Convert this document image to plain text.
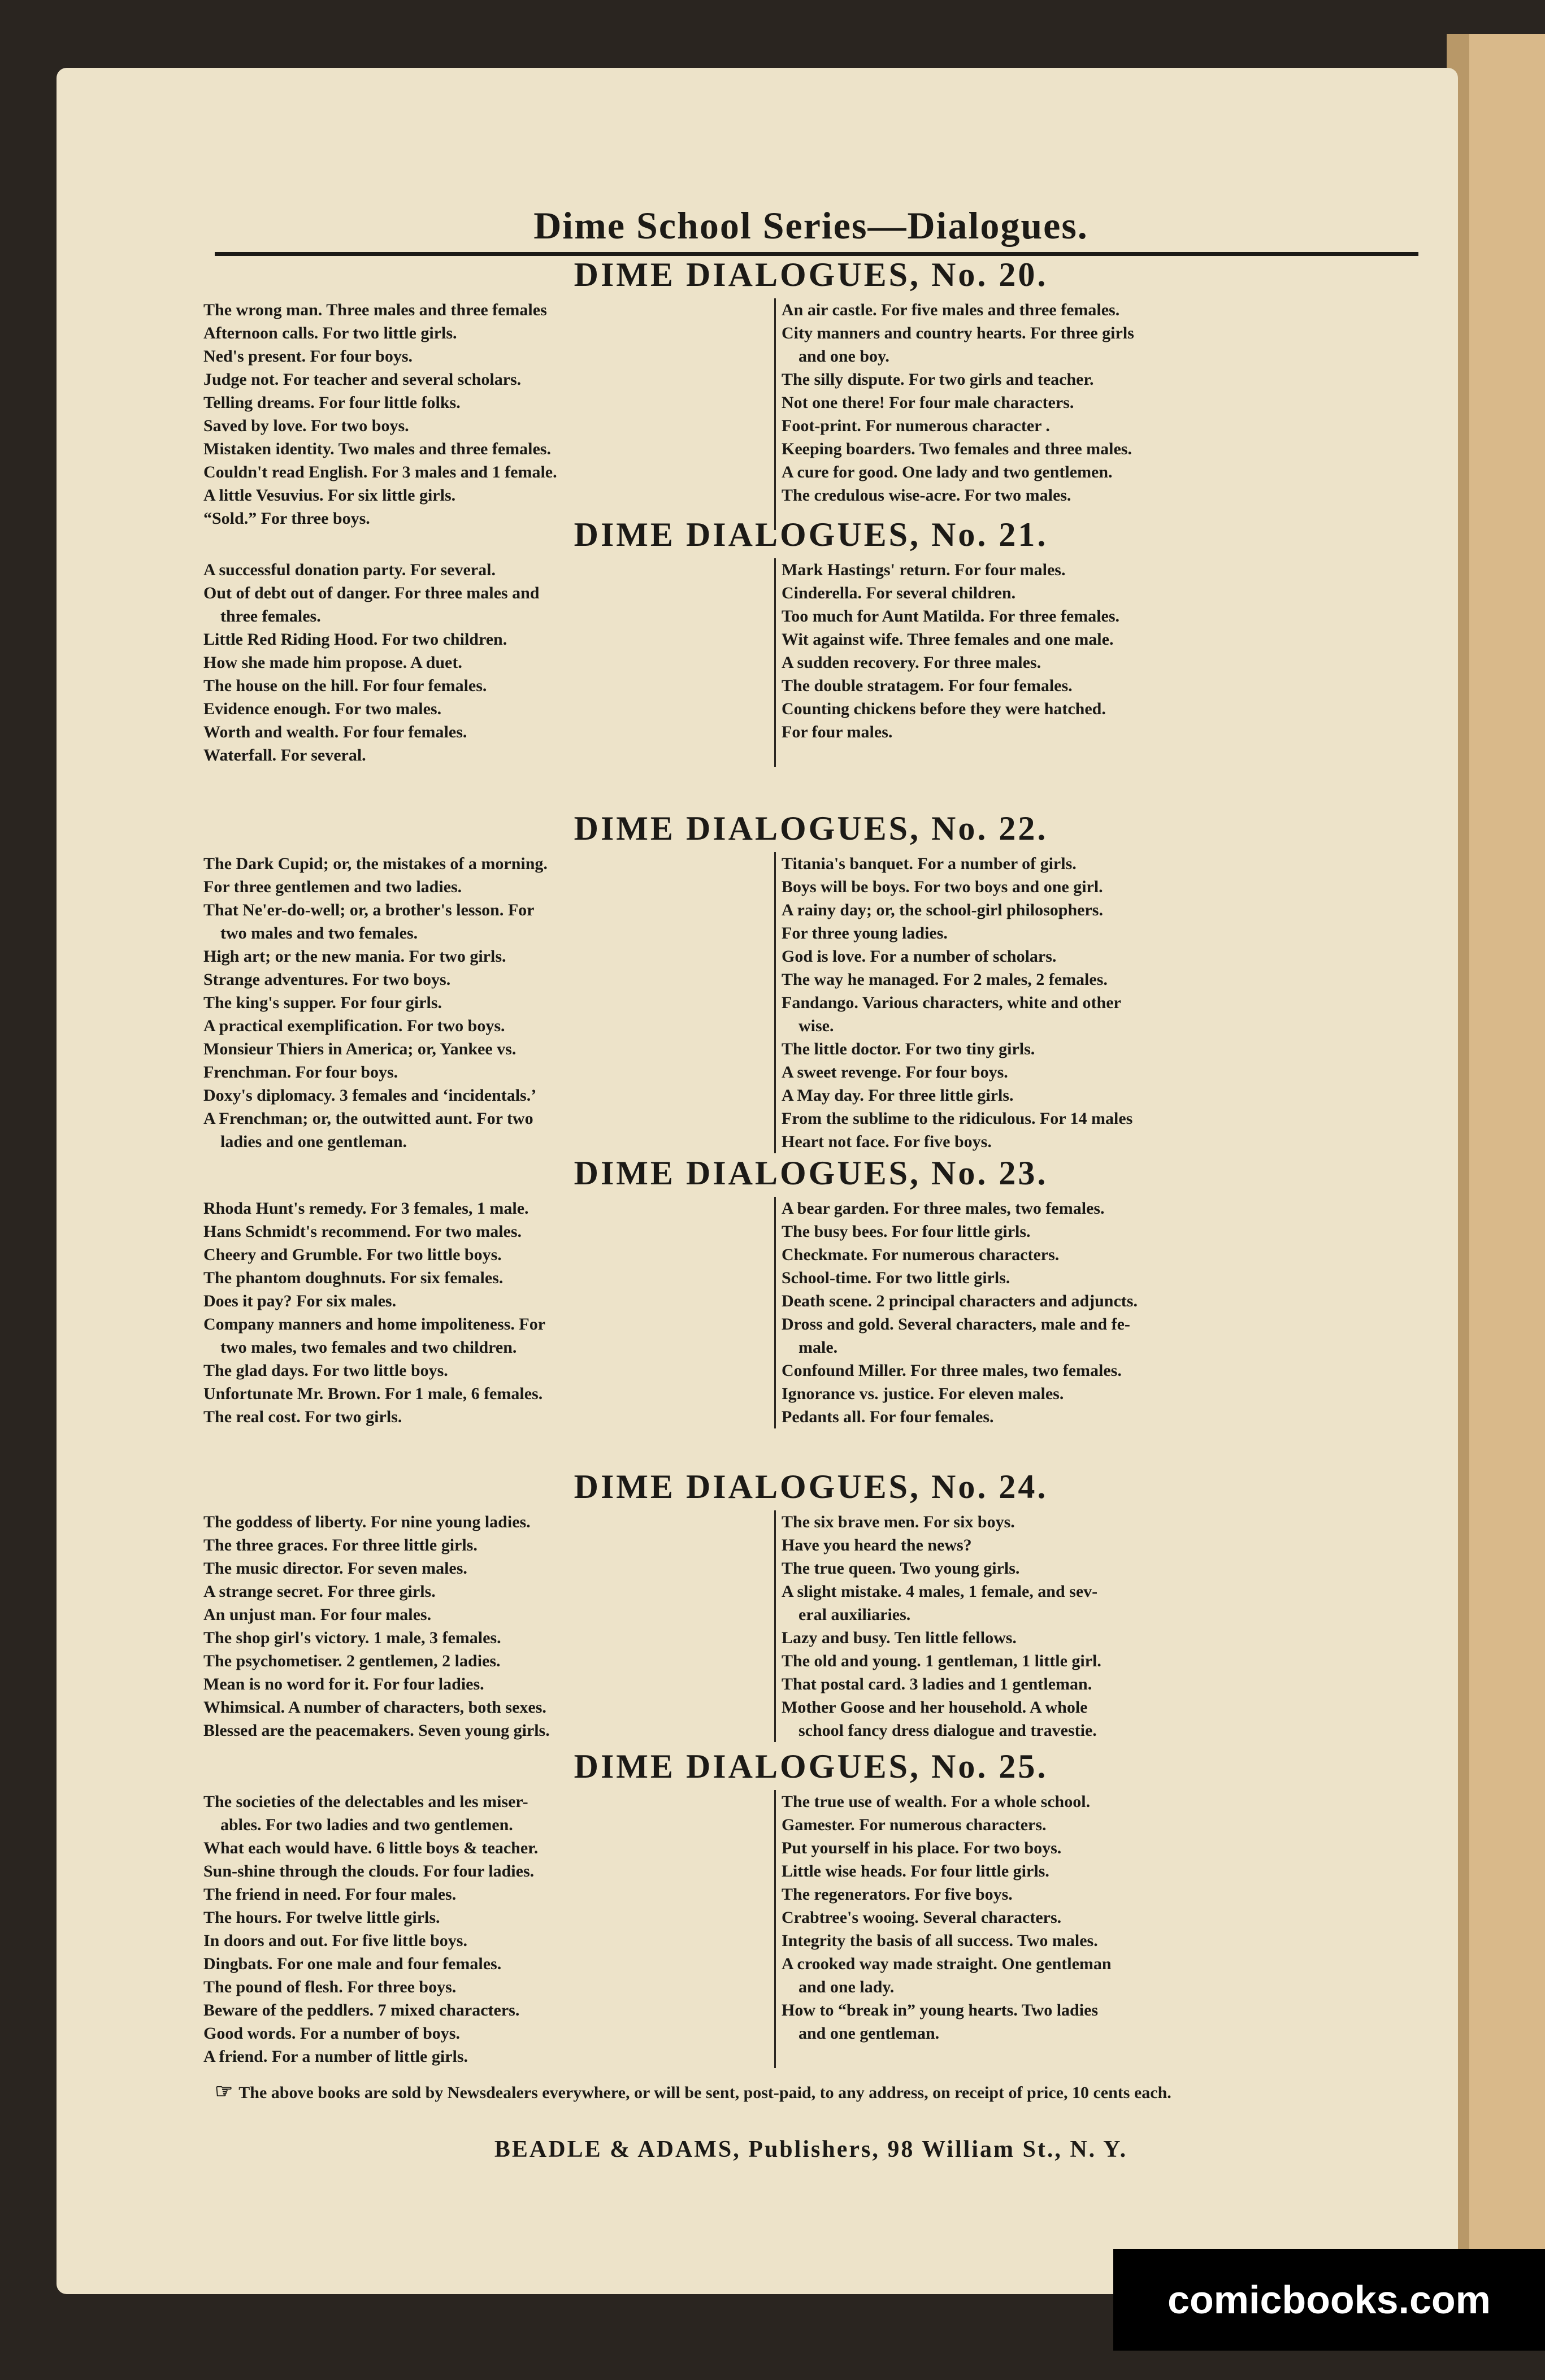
Dime School Series—Dialogues.
DIME DIALOGUES, No. 20.
The wrong man. Three males and three females
Afternoon calls. For two little girls.
Ned's present. For four boys.
Judge not. For teacher and several scholars.
Telling dreams. For four little folks.
Saved by love. For two boys.
Mistaken identity. Two males and three females.
Couldn't read English. For 3 males and 1 female.
A little Vesuvius. For six little girls.
“Sold.” For three boys.
An air castle. For five males and three females.
City manners and country hearts. For three girls
and one boy.
The silly dispute. For two girls and teacher.
Not one there! For four male characters.
Foot-print. For numerous character .
Keeping boarders. Two females and three males.
A cure for good. One lady and two gentlemen.
The credulous wise-acre. For two males.
DIME DIALOGUES, No. 21.
A successful donation party. For several.
Out of debt out of danger. For three males and
three females.
Little Red Riding Hood. For two children.
How she made him propose. A duet.
The house on the hill. For four females.
Evidence enough. For two males.
Worth and wealth. For four females.
Waterfall. For several.
Mark Hastings' return. For four males.
Cinderella. For several children.
Too much for Aunt Matilda. For three females.
Wit against wife. Three females and one male.
A sudden recovery. For three males.
The double stratagem. For four females.
Counting chickens before they were hatched.
For four males.
DIME DIALOGUES, No. 22.
The Dark Cupid; or, the mistakes of a morning.
For three gentlemen and two ladies.
That Ne'er-do-well; or, a brother's lesson. For
two males and two females.
High art; or the new mania. For two girls.
Strange adventures. For two boys.
The king's supper. For four girls.
A practical exemplification. For two boys.
Monsieur Thiers in America; or, Yankee vs.
Frenchman. For four boys.
Doxy's diplomacy. 3 females and ‘incidentals.’
A Frenchman; or, the outwitted aunt. For two
ladies and one gentleman.
Titania's banquet. For a number of girls.
Boys will be boys. For two boys and one girl.
A rainy day; or, the school-girl philosophers.
For three young ladies.
God is love. For a number of scholars.
The way he managed. For 2 males, 2 females.
Fandango. Various characters, white and other
wise.
The little doctor. For two tiny girls.
A sweet revenge. For four boys.
A May day. For three little girls.
From the sublime to the ridiculous. For 14 males
Heart not face. For five boys.
DIME DIALOGUES, No. 23.
Rhoda Hunt's remedy. For 3 females, 1 male.
Hans Schmidt's recommend. For two males.
Cheery and Grumble. For two little boys.
The phantom doughnuts. For six females.
Does it pay? For six males.
Company manners and home impoliteness. For
two males, two females and two children.
The glad days. For two little boys.
Unfortunate Mr. Brown. For 1 male, 6 females.
The real cost. For two girls.
A bear garden. For three males, two females.
The busy bees. For four little girls.
Checkmate. For numerous characters.
School-time. For two little girls.
Death scene. 2 principal characters and adjuncts.
Dross and gold. Several characters, male and fe-
male.
Confound Miller. For three males, two females.
Ignorance vs. justice. For eleven males.
Pedants all. For four females.
DIME DIALOGUES, No. 24.
The goddess of liberty. For nine young ladies.
The three graces. For three little girls.
The music director. For seven males.
A strange secret. For three girls.
An unjust man. For four males.
The shop girl's victory. 1 male, 3 females.
The psychometiser. 2 gentlemen, 2 ladies.
Mean is no word for it. For four ladies.
Whimsical. A number of characters, both sexes.
Blessed are the peacemakers. Seven young girls.
The six brave men. For six boys.
Have you heard the news?
The true queen. Two young girls.
A slight mistake. 4 males, 1 female, and sev-
eral auxiliaries.
Lazy and busy. Ten little fellows.
The old and young. 1 gentleman, 1 little girl.
That postal card. 3 ladies and 1 gentleman.
Mother Goose and her household. A whole
school fancy dress dialogue and travestie.
DIME DIALOGUES, No. 25.
The societies of the delectables and les miser-
ables. For two ladies and two gentlemen.
What each would have. 6 little boys & teacher.
Sun-shine through the clouds. For four ladies.
The friend in need. For four males.
The hours. For twelve little girls.
In doors and out. For five little boys.
Dingbats. For one male and four females.
The pound of flesh. For three boys.
Beware of the peddlers. 7 mixed characters.
Good words. For a number of boys.
A friend. For a number of little girls.
The true use of wealth. For a whole school.
Gamester. For numerous characters.
Put yourself in his place. For two boys.
Little wise heads. For four little girls.
The regenerators. For five boys.
Crabtree's wooing. Several characters.
Integrity the basis of all success. Two males.
A crooked way made straight. One gentleman
and one lady.
How to “break in” young hearts. Two ladies
and one gentleman.
☞ The above books are sold by Newsdealers everywhere, or will be sent, post-paid, to any address, on receipt of price, 10 cents each.
BEADLE & ADAMS, Publishers, 98 William St., N. Y.
comicbooks.com
